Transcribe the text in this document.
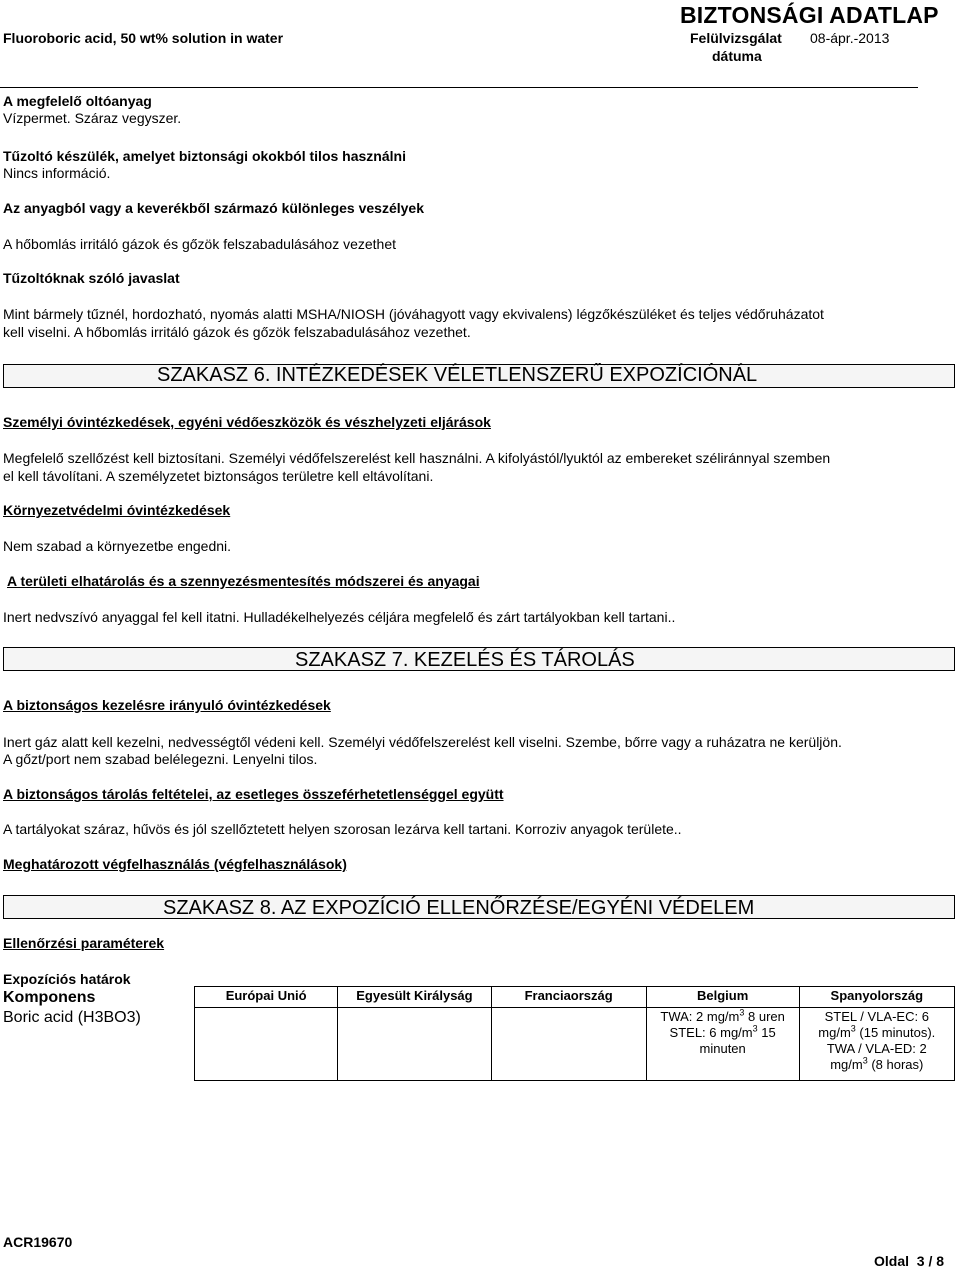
Fluoroboric acid, 50 wt% solution in water
BIZTONSÁGI ADATLAP
Felülvizsgálat
dátuma
08-ápr.-2013
A megfelelő oltóanyag
Vízpermet. Száraz vegyszer.
Tűzoltó készülék, amelyet biztonsági okokból tilos használni
Nincs információ.
Az anyagból vagy a keverékből származó különleges veszélyek
A hőbomlás irritáló gázok és gőzök felszabadulásához vezethet
Tűzoltóknak szóló javaslat
Mint bármely tűznél, hordozható, nyomás alatti MSHA/NIOSH (jóváhagyott vagy ekvivalens) légzőkészüléket és teljes védőruházatot
kell viselni. A hőbomlás irritáló gázok és gőzök felszabadulásához vezethet.
SZAKASZ 6. INTÉZKEDÉSEK VÉLETLENSZERŰ EXPOZÍCIÓNÁL
Személyi óvintézkedések, egyéni védőeszközök és vészhelyzeti eljárások
Megfelelő szellőzést kell biztosítani. Személyi védőfelszerelést kell használni. A kifolyástól/lyuktól az embereket széliránnyal szemben
el kell távolítani. A személyzetet biztonságos területre kell eltávolítani.
Környezetvédelmi óvintézkedések
Nem szabad a környezetbe engedni.
A területi elhatárolás és a szennyezésmentesítés módszerei és anyagai
Inert nedvszívó anyaggal fel kell itatni. Hulladékelhelyezés céljára megfelelő és zárt tartályokban kell tartani..
SZAKASZ 7. KEZELÉS ÉS TÁROLÁS
A biztonságos kezelésre irányuló óvintézkedések
Inert gáz alatt kell kezelni, nedvességtől védeni kell. Személyi védőfelszerelést kell viselni. Szembe, bőrre vagy a ruházatra ne kerüljön.
A gőzt/port nem szabad belélegezni. Lenyelni tilos.
A biztonságos tárolás feltételei, az esetleges összeférhetetlenséggel együtt
A tartályokat száraz, hűvös és jól szellőztetett helyen szorosan lezárva kell tartani. Korroziv anyagok területe..
Meghatározott végfelhasználás (végfelhasználások)
SZAKASZ 8. AZ EXPOZÍCIÓ ELLENŐRZÉSE/EGYÉNI VÉDELEM
Ellenőrzési paraméterek
Expozíciós határok
Komponens
Boric acid (H3BO3)
Európai Unió	Egyesült Királyság	Franciaország	Belgium	Spanyolország
			TWA: 2 $mg/m^3$ 8 uren
STEL: 6 $mg/m^3$ 15
minuten	STEL / VLA-EC: 6
$mg/m^3$ (15 minutos).
TWA / VLA-ED: 2
$mg/m^3$ (8 horas)
ACR19670
Oldal 3 / 8
